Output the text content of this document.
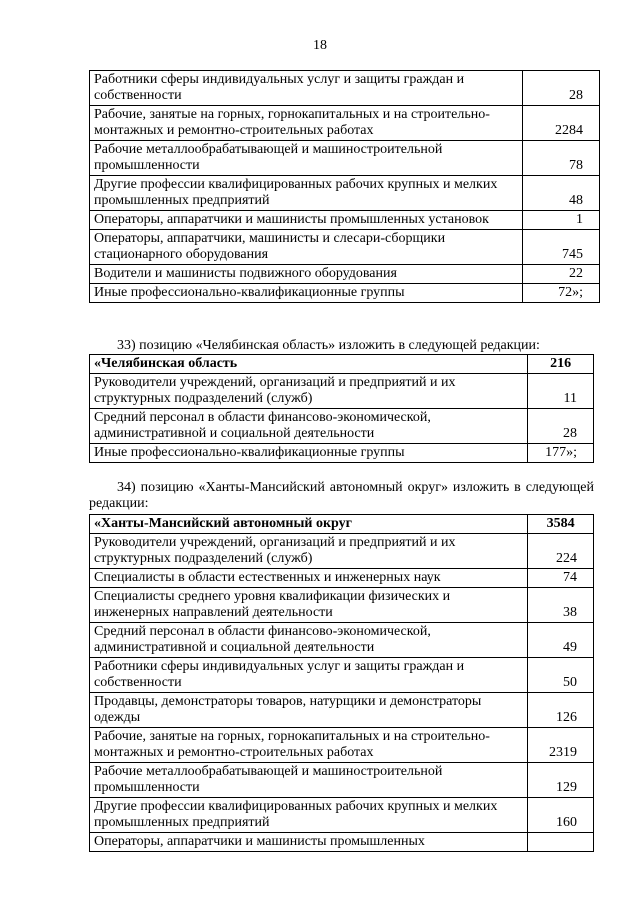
18
Работники сферы индивидуальных услуг и защиты граждан и собственности	28
Рабочие, занятые на горных, горнокапитальных и на строительно-монтажных и ремонтно-строительных работах	2284
Рабочие металлообрабатывающей и машиностроительной промышленности	78
Другие профессии квалифицированных рабочих крупных и мелких промышленных предприятий	48
Операторы, аппаратчики и машинисты промышленных установок	1
Операторы, аппаратчики, машинисты и слесари-сборщики стационарного оборудования	745
Водители и машинисты подвижного оборудования	22
Иные профессионально-квалификационные группы	72»;
33) позицию «Челябинская область» изложить в следующей редакции:
«Челябинская область	216
Руководители учреждений, организаций и предприятий и их структурных подразделений (служб)	11
Средний персонал в области финансово-экономической, административной и социальной деятельности	28
Иные профессионально-квалификационные группы	177»;
34) позицию «Ханты-Мансийский автономный округ» изложить в следующей редакции:
«Ханты-Мансийский автономный округ	3584
Руководители учреждений, организаций и предприятий и их структурных подразделений (служб)	224
Специалисты в области естественных и инженерных наук	74
Специалисты среднего уровня квалификации физических и инженерных направлений деятельности	38
Средний персонал в области финансово-экономической, административной и социальной деятельности	49
Работники сферы индивидуальных услуг и защиты граждан и собственности	50
Продавцы, демонстраторы товаров, натурщики и демонстраторы одежды	126
Рабочие, занятые на горных, горнокапитальных и на строительно-монтажных и ремонтно-строительных работах	2319
Рабочие металлообрабатывающей и машиностроительной промышленности	129
Другие профессии квалифицированных рабочих крупных и мелких промышленных предприятий	160
Операторы, аппаратчики и машинисты промышленных	
